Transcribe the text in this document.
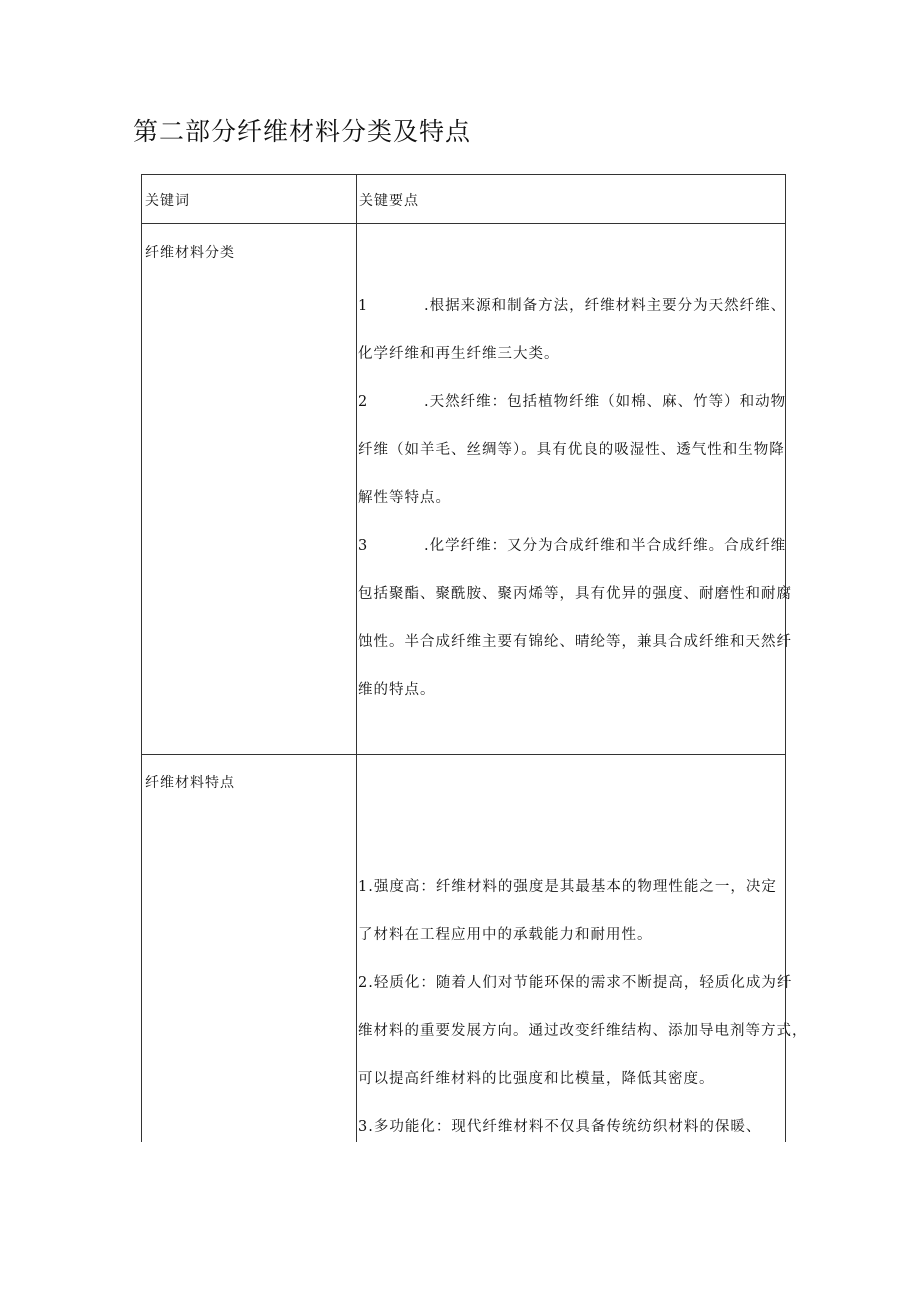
第二部分纤维材料分类及特点
关键词	关键要点
纤维材料分类
1	.根据来源和制备方法，纤维材料主要分为天然纤维、
化学纤维和再生纤维三大类。
2	.天然纤维：包括植物纤维（如棉、麻、竹等）和动物
纤维（如羊毛、丝绸等）。具有优良的吸湿性、透气性和生物降
解性等特点。
3	.化学纤维：又分为合成纤维和半合成纤维。合成纤维
包括聚酯、聚酰胺、聚丙烯等，具有优异的强度、耐磨性和耐腐
蚀性。半合成纤维主要有锦纶、晴纶等，兼具合成纤维和天然纤
维的特点。
纤维材料特点
1.强度高：纤维材料的强度是其最基本的物理性能之一，决定
了材料在工程应用中的承载能力和耐用性。
2.轻质化：随着人们对节能环保的需求不断提高，轻质化成为纤
维材料的重要发展方向。通过改变纤维结构、添加导电剂等方式，
可以提高纤维材料的比强度和比模量，降低其密度。
3.多功能化：现代纤维材料不仅具备传统纺织材料的保暖、
